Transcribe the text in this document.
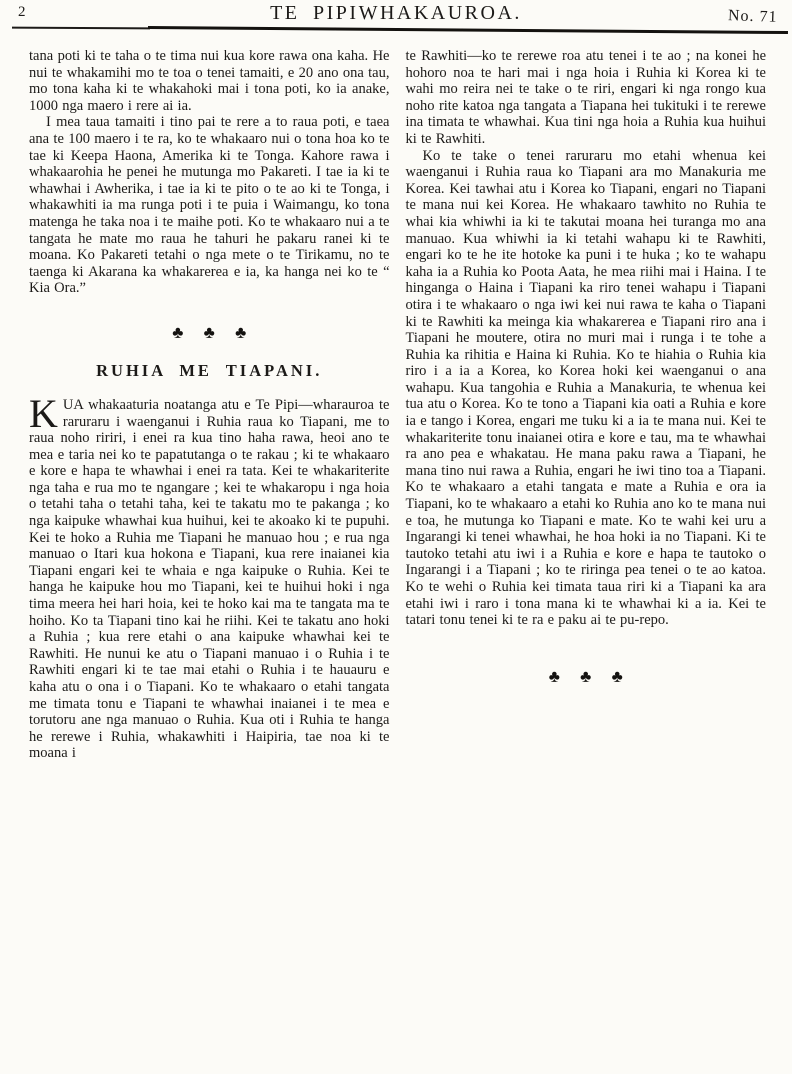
2	TE PIPIWHAKAUROA.	No. 71

tana poti ki te taha o te tima nui kua kore rawa ona kaha. He nui te whakamihi mo te toa o tenei tamaiti, e 20 ano ona tau, mo tona kaha ki te whakahoki mai i tona poti, ko ia anake, 1000 nga maero i rere ai ia.

I mea taua tamaiti i tino pai te rere a to raua poti, e taea ana te 100 maero i te ra, ko te whakaaro nui o tona hoa ko te tae ki Keepa Haona, Amerika ki te Tonga. Kahore rawa i whakaarohia he penei he mutunga mo Pakareti. I tae ia ki te whawhai i Awherika, i tae ia ki te pito o te ao ki te Tonga, i whakawhiti ia ma runga poti i te puia i Waimangu, ko tona matenga he taka noa i te maihe poti. Ko te whakaaro nui a te tangata he mate mo raua he tahuri he pakaru ranei ki te moana. Ko Pakareti tetahi o nga mete o te Tirikamu, no te taenga ki Akarana ka whakarerea e ia, ka hanga nei ko te “ Kia Ora.”

♣ ♣ ♣
RUHIA ME TIAPANI.

KUA whakaaturia noatanga atu e Te Pipi—wharauroa te raruraru i waenganui i Ruhia raua ko Tiapani, me to raua noho ririri, i enei ra kua tino haha rawa, heoi ano te mea e taria nei ko te papatutanga o te rakau ; ki te whakaaro e kore e hapa te whawhai i enei ra tata. Kei te whakariterite nga taha e rua mo te ngangare ; kei te whakaropu i nga hoia o tetahi taha o tetahi taha, kei te takatu mo te pakanga ; ko nga kaipuke whawhai kua huihui, kei te akoako ki te pupuhi. Kei te hoko a Ruhia me Tiapani he manuao hou ; e rua nga manuao o Itari kua hokona e Tiapani, kua rere inaianei kia Tiapani engari kei te whaia e nga kaipuke o Ruhia. Kei te hanga he kaipuke hou mo Tiapani, kei te huihui hoki i nga tima meera hei hari hoia, kei te hoko kai ma te tangata ma te hoiho. Ko ta Tiapani tino kai he riihi. Kei te takatu ano hoki a Ruhia ; kua rere etahi o ana kaipuke whawhai kei te Rawhiti. He nunui ke atu o Tiapani manuao i o Ruhia i te Rawhiti engari ki te tae mai etahi o Ruhia i te hauauru e kaha atu o ona i o Tiapani. Ko te whakaaro o etahi tangata me timata tonu e Tiapani te whawhai inaianei i te mea e torutoru ane nga manuao o Ruhia. Kua oti i Ruhia te hanga he rerewe i Ruhia, whakawhiti i Haipiria, tae noa ki te moana i

te Rawhiti—ko te rerewe roa atu tenei i te ao ; na konei he hohoro noa te hari mai i nga hoia i Ruhia ki Korea ki te wahi mo reira nei te take o te riri, engari ki nga rongo kua noho rite katoa nga tangata a Tiapana hei tukituki i te rerewe ina timata te whawhai. Kua tini nga hoia a Ruhia kua huihui ki te Rawhiti.

Ko te take o tenei raruraru mo etahi whenua kei waenganui i Ruhia raua ko Tiapani ara mo Manakuria me Korea. Kei tawhai atu i Korea ko Tiapani, engari no Tiapani te mana nui kei Korea. He whakaaro tawhito no Ruhia te whai kia whiwhi ia ki te takutai moana hei turanga mo ana manuao. Kua whiwhi ia ki tetahi wahapu ki te Rawhiti, engari ko te he ite hotoke ka puni i te huka ; ko te wahapu kaha ia a Ruhia ko Poota Aata, he mea riihi mai i Haina. I te hinganga o Haina i Tiapani ka riro tenei wahapu i Tiapani otira i te whakaaro o nga iwi kei nui rawa te kaha o Tiapani ki te Rawhiti ka meinga kia whakarerea e Tiapani riro ana i Tiapani he moutere, otira no muri mai i runga i te tohe a Ruhia ka rihitia e Haina ki Ruhia. Ko te hiahia o Ruhia kia riro i a ia a Korea, ko Korea hoki kei waenganui o ana wahapu. Kua tangohia e Ruhia a Manakuria, te whenua kei tua atu o Korea. Ko te tono a Tiapani kia oati a Ruhia e kore ia e tango i Korea, engari me tuku ki a ia te mana nui. Kei te whakariterite tonu inaianei otira e kore e tau, ma te whawhai ra ano pea e whakatau. He mana paku rawa a Tiapani, he mana tino nui rawa a Ruhia, engari he iwi tino toa a Tiapani. Ko te whakaaro a etahi tangata e mate a Ruhia e ora ia Tiapani, ko te whakaaro a etahi ko Ruhia ano ko te mana nui e toa, he mutunga ko Tiapani e mate. Ko te wahi kei uru a Ingarangi ki tenei whawhai, he hoa hoki ia no Tiapani. Ki te tautoko tetahi atu iwi i a Ruhia e kore e hapa te tautoko o Ingarangi i a Tiapani ; ko te riringa pea tenei o te ao katoa. Ko te wehi o Ruhia kei timata taua riri ki a Tiapani ka ara etahi iwi i raro i tona mana ki te whawhai ki a ia. Kei te tatari tonu tenei ki te ra e paku ai te pu-repo.

♣ ♣ ♣
